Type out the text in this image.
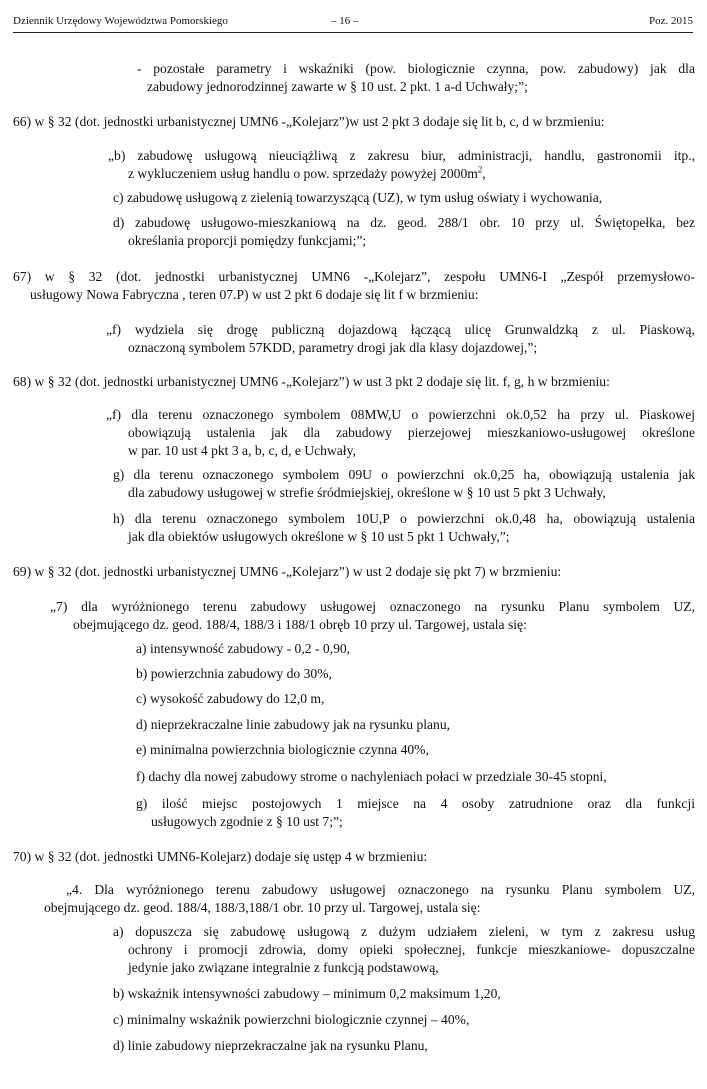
Dziennik Urzędowy Województwa Pomorskiego	– 16 –	Poz. 2015
- pozostałe parametry i wskaźniki (pow. biologicznie czynna, pow. zabudowy) jak dla
zabudowy jednorodzinnej zawarte w § 10 ust. 2 pkt. 1 a-d Uchwały;”;
66) w § 32 (dot. jednostki urbanistycznej UMN6 -„Kolejarz”)w ust 2 pkt 3 dodaje się lit b, c, d w brzmieniu:
„b) zabudowę usługową nieuciążliwą z zakresu biur, administracji, handlu, gastronomii itp.,
z wykluczeniem usług handlu o pow. sprzedaży powyżej $2000m^2$,
c) zabudowę usługową z zielenią towarzyszącą (UZ), w tym usług oświaty i wychowania,
d) zabudowę usługowo-mieszkaniową na dz. geod. 288/1 obr. 10 przy ul. Świętopełka, bez
określania proporcji pomiędzy funkcjami;”;
67) w § 32 (dot. jednostki urbanistycznej UMN6 -„Kolejarz”, zespołu UMN6-I „Zespół przemysłowo-
usługowy Nowa Fabryczna , teren 07.P) w ust 2 pkt 6 dodaje się lit f w brzmieniu:
„f) wydziela się drogę publiczną dojazdową łączącą ulicę Grunwaldzką z ul. Piaskową,
oznaczoną symbolem 57KDD, parametry drogi jak dla klasy dojazdowej,”;
68) w § 32 (dot. jednostki urbanistycznej UMN6 -„Kolejarz”) w ust 3 pkt 2 dodaje się lit. f, g, h w brzmieniu:
„f) dla terenu oznaczonego symbolem 08MW,U o powierzchni ok.0,52 ha przy ul. Piaskowej
obowiązują ustalenia jak dla zabudowy pierzejowej mieszkaniowo-usługowej określone
w par. 10 ust 4 pkt 3 a, b, c, d, e Uchwały,
g) dla terenu oznaczonego symbolem 09U o powierzchni ok.0,25 ha, obowiązują ustalenia jak
dla zabudowy usługowej w strefie śródmiejskiej, określone w § 10 ust 5 pkt 3 Uchwały,
h) dla terenu oznaczonego symbolem 10U,P o powierzchni ok.0,48 ha, obowiązują ustalenia
jak dla obiektów usługowych określone w § 10 ust 5 pkt 1 Uchwały,”;
69) w § 32 (dot. jednostki urbanistycznej UMN6 -„Kolejarz”) w ust 2 dodaje się pkt 7) w brzmieniu:
„7) dla wyróżnionego terenu zabudowy usługowej oznaczonego na rysunku Planu symbolem UZ,
obejmującego dz. geod. 188/4, 188/3 i 188/1 obręb 10 przy ul. Targowej, ustala się:
a) intensywność zabudowy - 0,2 - 0,90,
b) powierzchnia zabudowy do 30%,
c) wysokość zabudowy do 12,0 m,
d) nieprzekraczalne linie zabudowy jak na rysunku planu,
e) minimalna powierzchnia biologicznie czynna 40%,
f) dachy dla nowej zabudowy strome o nachyleniach połaci w przedziale 30-45 stopni,
g) ilość miejsc postojowych 1 miejsce na 4 osoby zatrudnione oraz dla funkcji
usługowych zgodnie z § 10 ust 7;”;
70) w § 32 (dot. jednostki UMN6-Kolejarz) dodaje się ustęp 4 w brzmieniu:
„4. Dla wyróżnionego terenu zabudowy usługowej oznaczonego na rysunku Planu symbolem UZ,
obejmującego dz. geod. 188/4, 188/3,188/1 obr. 10 przy ul. Targowej, ustala się:
a) dopuszcza się zabudowę usługową z dużym udziałem zieleni, w tym z zakresu usług
ochrony i promocji zdrowia, domy opieki społecznej, funkcje mieszkaniowe- dopuszczalne
jedynie jako związane integralnie z funkcją podstawową,
b) wskaźnik intensywności zabudowy – minimum 0,2 maksimum 1,20,
c) minimalny wskaźnik powierzchni biologicznie czynnej – 40%,
d) linie zabudowy nieprzekraczalne jak na rysunku Planu,
